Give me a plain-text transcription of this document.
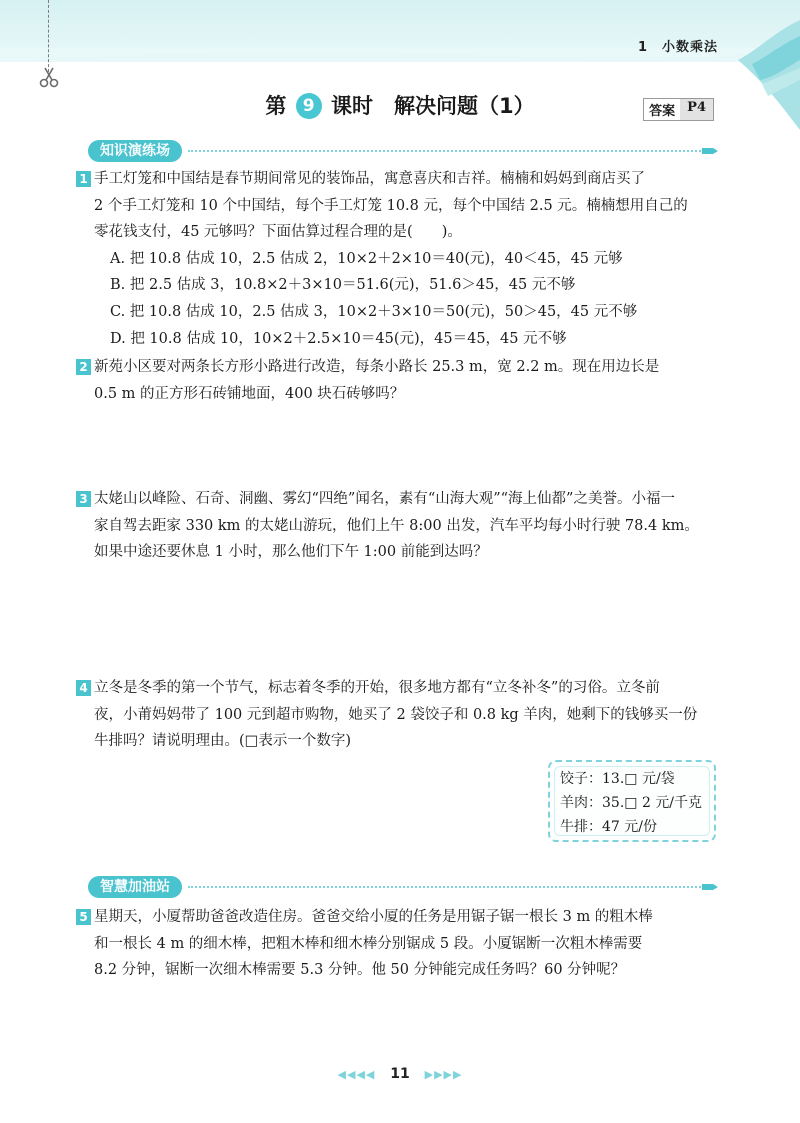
1　小数乘法
第 9 课时　解决问题（1）	答案 P4
知识演练场
1 手工灯笼和中国结是春节期间常见的装饰品，寓意喜庆和吉祥。楠楠和妈妈到商店买了
2 个手工灯笼和 10 个中国结，每个手工灯笼 10.8 元，每个中国结 2.5 元。楠楠想用自己的
零花钱支付，45 元够吗？下面估算过程合理的是(　　)。
A. 把 10.8 估成 10，2.5 估成 2，10×2＋2×10＝40(元)，40＜45，45 元够
B. 把 2.5 估成 3，10.8×2＋3×10＝51.6(元)，51.6＞45，45 元不够
C. 把 10.8 估成 10，2.5 估成 3，10×2＋3×10＝50(元)，50＞45，45 元不够
D. 把 10.8 估成 10，10×2＋2.5×10＝45(元)，45＝45，45 元不够
2 新苑小区要对两条长方形小路进行改造，每条小路长 25.3 m，宽 2.2 m。现在用边长是
0.5 m 的正方形石砖铺地面，400 块石砖够吗？
3 太姥山以峰险、石奇、洞幽、雾幻“四绝”闻名，素有“山海大观”“海上仙都”之美誉。小福一
家自驾去距家 330 km 的太姥山游玩，他们上午 8:00 出发，汽车平均每小时行驶 78.4 km。
如果中途还要休息 1 小时，那么他们下午 1:00 前能到达吗？
4 立冬是冬季的第一个节气，标志着冬季的开始，很多地方都有“立冬补冬”的习俗。立冬前
夜，小莆妈妈带了 100 元到超市购物，她买了 2 袋饺子和 0.8 kg 羊肉，她剩下的钱够买一份
牛排吗？请说明理由。(□表示一个数字)
饺子：13.□ 元/袋
羊肉：35.□ 2 元/千克
牛排：47 元/份
智慧加油站
5 星期天，小厦帮助爸爸改造住房。爸爸交给小厦的任务是用锯子锯一根长 3 m 的粗木棒
和一根长 4 m 的细木棒，把粗木棒和细木棒分别锯成 5 段。小厦锯断一次粗木棒需要
8.2 分钟，锯断一次细木棒需要 5.3 分钟。他 50 分钟能完成任务吗？60 分钟呢？
◀◀◀◀ 11 ▶▶▶▶
